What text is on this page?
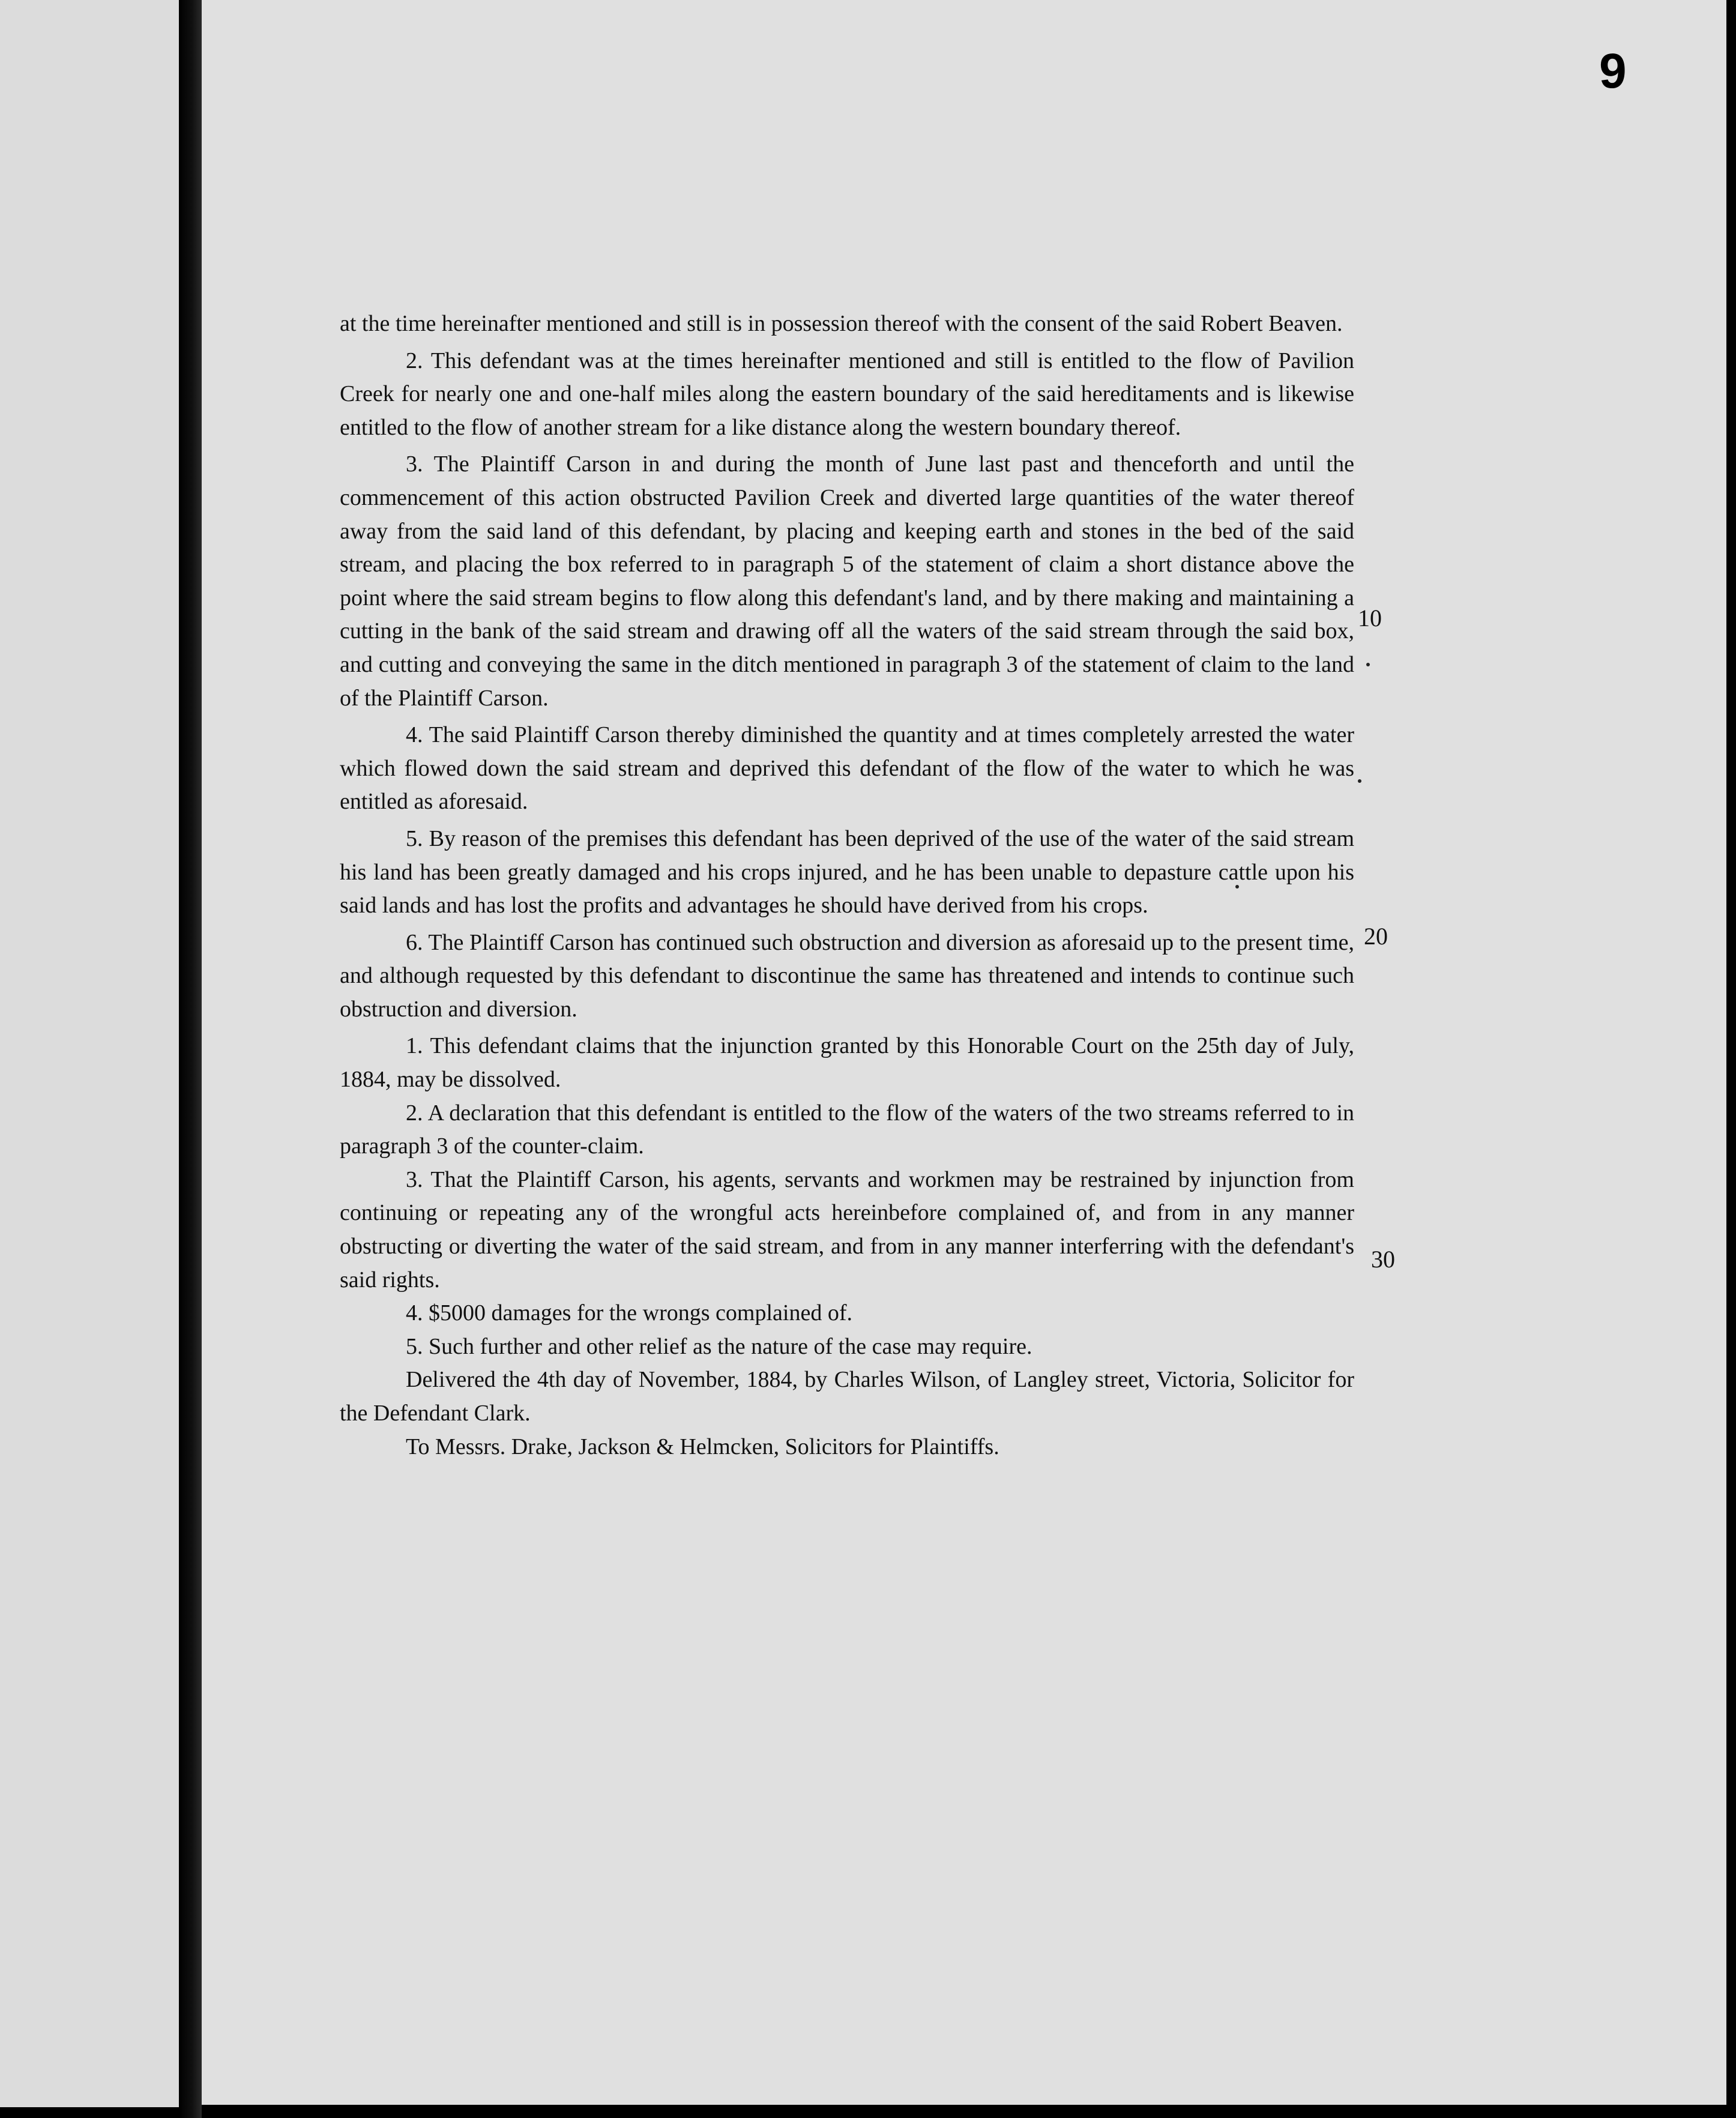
9

at the time hereinafter mentioned and still is in possession thereof with the consent of the said Robert Beaven.

2. This defendant was at the times hereinafter mentioned and still is entitled to the flow of Pavilion Creek for nearly one and one-half miles along the eastern boundary of the said hereditaments and is likewise entitled to the flow of another stream for a like distance along the western boundary thereof.

3. The Plaintiff Carson in and during the month of June last past and thenceforth and until the commencement of this action obstructed Pavilion Creek and diverted large quantities of the water thereof away from the said land of this defendant, by placing and keeping earth and stones in the bed of the said stream, and placing the box referred to in paragraph 5 of the statement of claim a short distance above the point where the said stream begins to flow along this defendant's land, and by there making and maintaining a cutting in the bank of the said stream and drawing off all the waters of the said stream through the said box, and cutting and conveying the same in the ditch mentioned in paragraph 3 of the statement of claim to the land of the Plaintiff Carson.

4. The said Plaintiff Carson thereby diminished the quantity and at times completely arrested the water which flowed down the said stream and deprived this defendant of the flow of the water to which he was entitled as aforesaid.

5. By reason of the premises this defendant has been deprived of the use of the water of the said stream his land has been greatly damaged and his crops injured, and he has been unable to depasture cattle upon his said lands and has lost the profits and advantages he should have derived from his crops.

6. The Plaintiff Carson has continued such obstruction and diversion as aforesaid up to the present time, and although requested by this defendant to discontinue the same has threatened and intends to continue such obstruction and diversion.

1. This defendant claims that the injunction granted by this Honorable Court on the 25th day of July, 1884, may be dissolved.

2. A declaration that this defendant is entitled to the flow of the waters of the two streams referred to in paragraph 3 of the counter-claim.

3. That the Plaintiff Carson, his agents, servants and workmen may be restrained by injunction from continuing or repeating any of the wrongful acts hereinbefore complained of, and from in any manner obstructing or diverting the water of the said stream, and from in any manner interferring with the defendant's said rights.

4. $5000 damages for the wrongs complained of.

5. Such further and other relief as the nature of the case may require.

Delivered the 4th day of November, 1884, by Charles Wilson, of Langley street, Victoria, Solicitor for the Defendant Clark.

To Messrs. Drake, Jackson & Helmcken, Solicitors for Plaintiffs.

10
20
30
